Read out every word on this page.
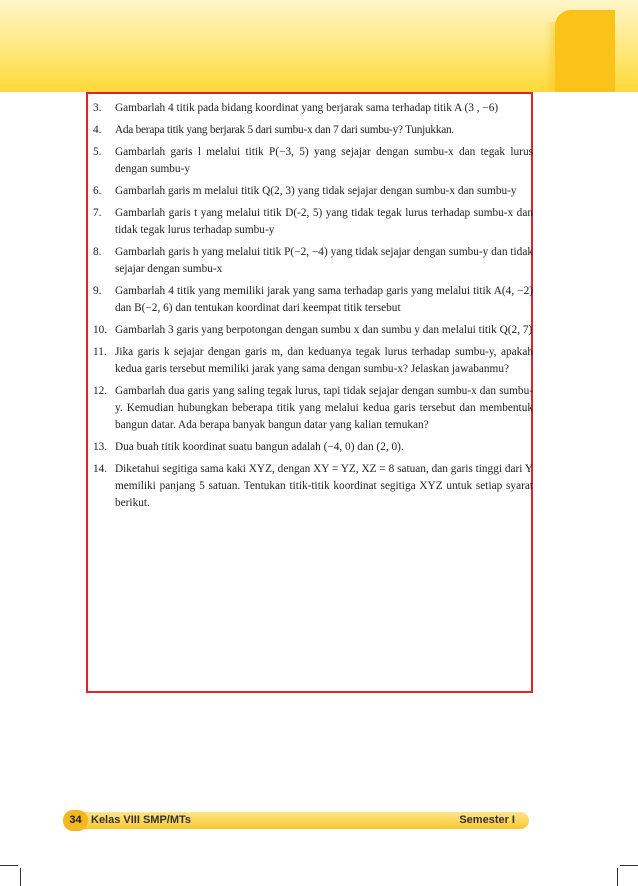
3.	Gambarlah 4 titik pada bidang koordinat yang berjarak sama terhadap titik A (3 , −6)
4.	Ada berapa titik yang berjarak 5 dari sumbu-x dan 7 dari sumbu-y? Tunjukkan.
5.	Gambarlah garis l melalui titik P(−3, 5) yang sejajar dengan sumbu-x dan tegak lurus dengan sumbu-y
6.	Gambarlah garis m melalui titik Q(2, 3) yang tidak sejajar dengan sumbu-x dan sumbu-y
7.	Gambarlah garis t yang melalui titik D(-2, 5) yang tidak tegak lurus terhadap sumbu-x dan tidak tegak lurus terhadap sumbu-y
8.	Gambarlah garis h yang melalui titik P(−2, −4) yang tidak sejajar dengan sumbu-y dan tidak sejajar dengan sumbu-x
9.	Gambarlah 4 titik yang memiliki jarak yang sama terhadap garis yang melalui titik A(4, −2) dan B(−2, 6) dan tentukan koordinat dari keempat titik tersebut
10. Gambarlah 3 garis yang berpotongan dengan sumbu x dan sumbu y dan melalui titik Q(2, 7)
11. Jika garis k sejajar dengan garis m, dan keduanya tegak lurus terhadap sumbu-y, apakah kedua garis tersebut memiliki jarak yang sama dengan sumbu-x? Jelaskan jawabanmu?
12. Gambarlah dua garis yang saling tegak lurus, tapi tidak sejajar dengan sumbu-x dan sumbu-y. Kemudian hubungkan beberapa titik yang melalui kedua garis tersebut dan membentuk bangun datar. Ada berapa banyak bangun datar yang kalian temukan?
13. Dua buah titik koordinat suatu bangun adalah (−4, 0) dan (2, 0).
14. Diketahui segitiga sama kaki XYZ, dengan XY = YZ, XZ = 8 satuan, dan garis tinggi dari Y memiliki panjang 5 satuan. Tentukan titik-titik koordinat segitiga XYZ untuk setiap syarat berikut.
34 Kelas VIII SMP/MTs	Semester I
